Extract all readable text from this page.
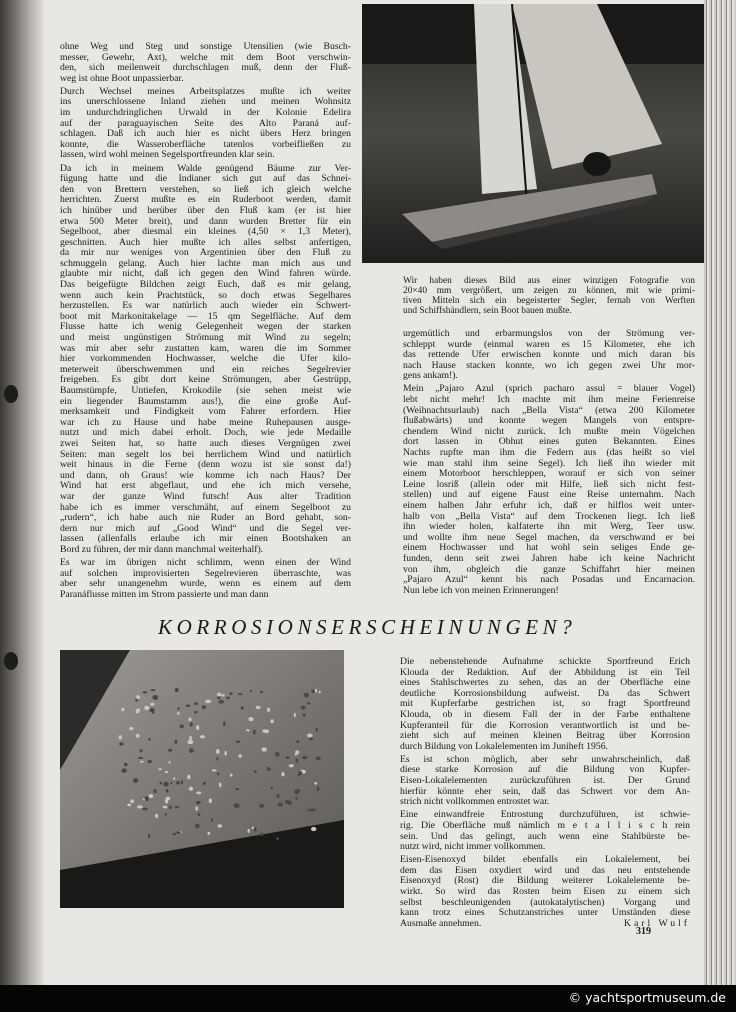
ohne Weg und Steg und sonstige Utensilien (wie Busch-
messer, Gewehr, Axt), welche mit dem Boot verschwin-
den, sich meilenweit durchschlagen muß, denn der Fluß-
weg ist ohne Boot unpassierbar.
Durch Wechsel meines Arbeitsplatzes mußte ich weiter
ins unerschlossene Inland ziehen und meinen Wohnsitz
im undurchdringlichen Urwald in der Kolonie Edelira
auf der paraguayischen Seite des Alto Paraná auf-
schlagen. Daß ich auch hier es nicht übers Herz bringen
konnte, die Wasseroberfläche tatenlos vorbeifließen zu
lassen, wird wohl meinen Segelsportfreunden klar sein.
Da ich in meinem Walde genügend Bäume zur Ver-
fügung hatte und die Indianer sich gut auf das Schnei-
den von Brettern verstehen, so ließ ich gleich welche
herrichten. Zuerst mußte es ein Ruderboot werden, damit
ich hinüber und herüber über den Fluß kam (er ist hier
etwa 500 Meter breit), und dann wurden Bretter für ein
Segelboot, aber diesmal ein kleines (4,50 × 1,3 Meter),
geschnitten. Auch hier mußte ich alles selbst anfertigen,
da mir nur weniges von Argentinien über den Fluß zu
schmuggeln gelang. Auch hier lachte man mich aus und
glaubte mir nicht, daß ich gegen den Wind fahren würde.
Das beigefügte Bildchen zeigt Euch, daß es mir gelang,
wenn auch kein Prachtstück, so doch etwas Segelbares
herzustellen. Es war natürlich auch wieder ein Schwert-
boot mit Markonitakelage — 15 qm Segelfläche. Auf dem
Flusse hatte ich wenig Gelegenheit wegen der starken
und meist ungünstigen Strömung mit Wind zu segeln;
was mir aber sehr zustatten kam, waren die im Sommer
hier vorkommenden Hochwasser, welche die Ufer kilo-
meterweit überschwemmen und ein reiches Segelrevier
freigeben. Es gibt dort keine Strömungen, aber Gestrüpp,
Baumstümpfe, Untiefen, Krokodile (sie sehen meist wie
ein liegender Baumstamm aus!), die eine große Auf-
merksamkeit und Findigkeit vom Fahrer erfordern. Hier
war ich zu Hause und habe meine Ruhepausen ausge-
nutzt und mich dabei erholt. Doch, wie jede Medaille
zwei Seiten hat, so hatte auch dieses Vergnügen zwei
Seiten: man segelt los bei herrlichem Wind und natürlich
weit hinaus in die Ferne (denn wozu ist sie sonst da!)
und dann, oh Graus! wie komme ich nach Haus? Der
Wind hat erst abgeflaut, und ehe ich mich versehe,
war der ganze Wind futsch! Aus alter Tradition
habe ich es immer verschmäht, auf einem Segelboot zu
„rudern“, ich habe auch nie Ruder an Bord gehabt, son-
dern nur mich auf „Good Wind“ und die Segel ver-
lassen (allenfalls erlaube ich mir einen Bootshaken an
Bord zu führen, der mir dann manchmal weiterhalf).
Es war im übrigen nicht schlimm, wenn einen der Wind
auf solchen improvisierten Segelrevieren überraschte, was
aber sehr unangenehm wurde, wenn es einem auf dem
Paranáflusse mitten im Strom passierte und man dann
Wir haben dieses Bild aus einer winzigen Fotografie von
20×40 mm vergrößert, um zeigen zu können, mit wie primi-
tiven Mitteln sich ein begeisterter Segler, fernab von Werften
und Schiffshändlern, sein Boot bauen mußte.
urgemütlich und erbarmungslos von der Strömung ver-
schleppt wurde (einmal waren es 15 Kilometer, ehe ich
das rettende Ufer erwischen konnte und mich daran bis
nach Hause stacken konnte, wo ich gegen zwei Uhr mor-
gens ankam!).
Mein „Pajaro Azul (sprich pacharo assul = blauer Vogel)
lebt nicht mehr! Ich machte mit ihm meine Ferienreise
(Weihnachtsurlaub) nach „Bella Vista“ (etwa 200 Kilometer
flußabwärts) und konnte wegen Mangels von entspre-
chendem Wind nicht zurück. Ich mußte mein Vögelchen
dort lassen in Obhut eines guten Bekannten. Eines
Nachts rupfte man ihm die Federn aus (das heißt so viel
wie man stahl ihm seine Segel). Ich ließ ihn wieder mit
einem Motorboot herschleppen, worauf er sich von seiner
Leine losriß (allein oder mit Hilfe, ließ sich nicht fest-
stellen) und auf eigene Faust eine Reise unternahm. Nach
einem halben Jahr erfuhr ich, daß er hilflos weit unter-
halb von „Bella Vista“ auf dem Trockenen liegt. Ich ließ
ihn wieder holen, kalfaterte ihn mit Werg, Teer usw.
und wollte ihm neue Segel machen, da verschwand er bei
einem Hochwasser und hat wohl sein seliges Ende ge-
funden, denn seit zwei Jahren habe ich keine Nachricht
von ihm, obgleich die ganze Schiffahrt hier meinen
„Pajaro Azul“ kennt bis nach Posadas und Encarnacion.
Nun lebe ich von meinen Erinnerungen!
KORROSIONSERSCHEINUNGEN?
Die nebenstehende Aufnahme schickte Sportfreund Erich
Klouda der Redaktion. Auf der Abbildung ist ein Teil
eines Stahlschwertes zu sehen, das an der Oberfläche eine
deutliche Korrosionsbildung aufweist. Da das Schwert
mit Kupferfarbe gestrichen ist, so fragt Sportfreund
Klouda, ob in diesem Fall der in der Farbe enthaltene
Kupferanteil für die Korrosion verantwortlich ist und be-
zieht sich auf meinen kleinen Beitrag über Korrosion
durch Bildung von Lokalelementen im Juniheft 1956.
Es ist schon möglich, aber sehr unwahrscheinlich, daß
diese starke Korrosion auf die Bildung von Kupfer-
Eisen-Lokalelementen zurückzuführen ist. Der Grund
hierfür könnte eher sein, daß das Schwert vor dem An-
strich nicht vollkommen entrostet war.
Eine einwandfreie Entrostung durchzuführen, ist schwie-
rig. Die Oberfläche muß nämlich m e t a l l i s c h rein
sein. Und das gelingt, auch wenn eine Stahlbürste be-
nutzt wird, nicht immer vollkommen.
Eisen-Eisenoxyd bildet ebenfalls ein Lokalelement, bei
dem das Eisen oxydiert wird und das neu entstehende
Eisenoxyd (Rost) die Bildung weiterer Lokalelemente be-
wirkt. So wird das Rosten beim Eisen zu einem sich
selbst beschleunigenden (autokatalytischen) Vorgang und
kann trotz eines Schutzanstriches unter Umständen diese
Ausmaße annehmen.	Karl Wulf
319
© yachtsportmuseum.de
